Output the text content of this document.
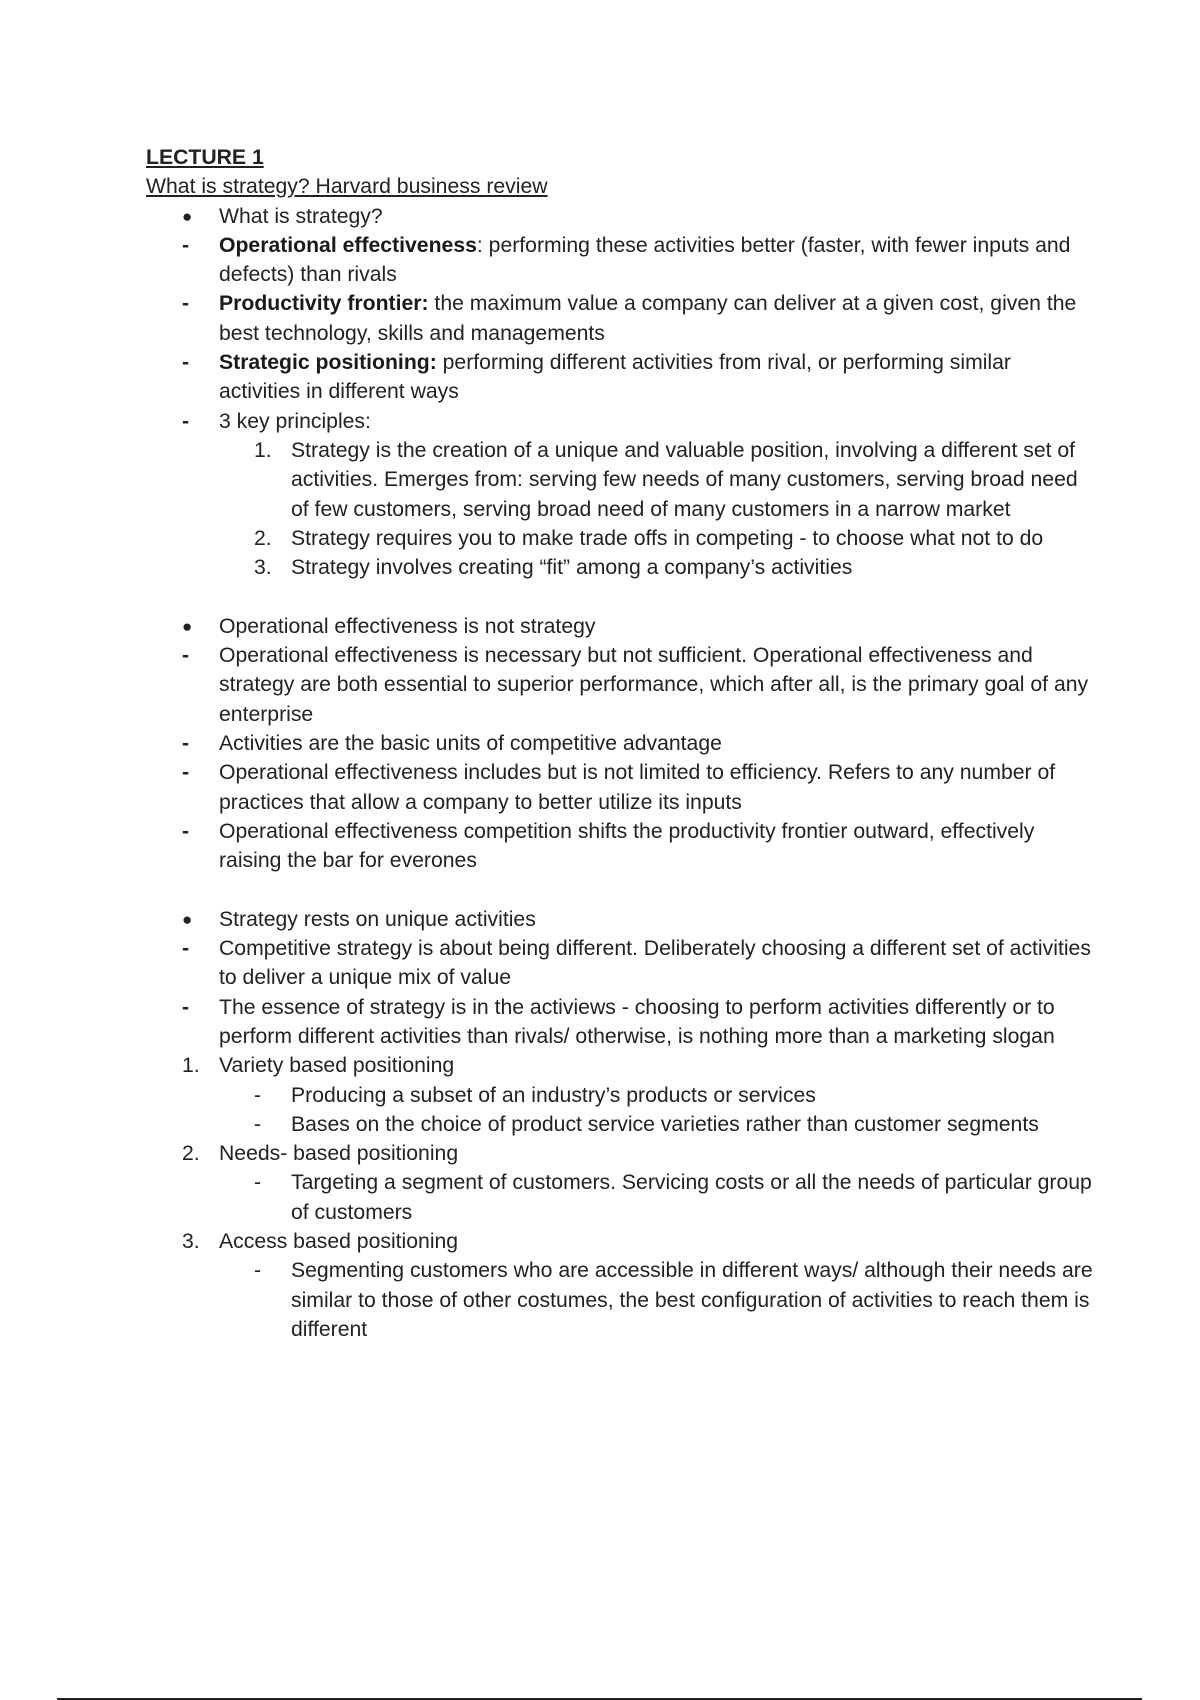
LECTURE 1
What is strategy? Harvard business review
● What is strategy?
- Operational effectiveness: performing these activities better (faster, with fewer inputs and defects) than rivals
- Productivity frontier: the maximum value a company can deliver at a given cost, given the best technology, skills and managements
- Strategic positioning: performing different activities from rival, or performing similar activities in different ways
- 3 key principles:
1. Strategy is the creation of a unique and valuable position, involving a different set of activities. Emerges from: serving few needs of many customers, serving broad need of few customers, serving broad need of many customers in a narrow market
2. Strategy requires you to make trade offs in competing - to choose what not to do
3. Strategy involves creating “fit” among a company’s activities
● Operational effectiveness is not strategy
- Operational effectiveness is necessary but not sufficient. Operational effectiveness and strategy are both essential to superior performance, which after all, is the primary goal of any enterprise
- Activities are the basic units of competitive advantage
- Operational effectiveness includes but is not limited to efficiency. Refers to any number of practices that allow a company to better utilize its inputs
- Operational effectiveness competition shifts the productivity frontier outward, effectively raising the bar for everones
● Strategy rests on unique activities
- Competitive strategy is about being different. Deliberately choosing a different set of activities to deliver a unique mix of value
- The essence of strategy is in the activiews - choosing to perform activities differently or to perform different activities than rivals/ otherwise, is nothing more than a marketing slogan
1. Variety based positioning
- Producing a subset of an industry’s products or services
- Bases on the choice of product service varieties rather than customer segments
2. Needs- based positioning
- Targeting a segment of customers. Servicing costs or all the needs of particular group of customers
3. Access based positioning
- Segmenting customers who are accessible in different ways/ although their needs are similar to those of other costumes, the best configuration of activities to reach them is different
